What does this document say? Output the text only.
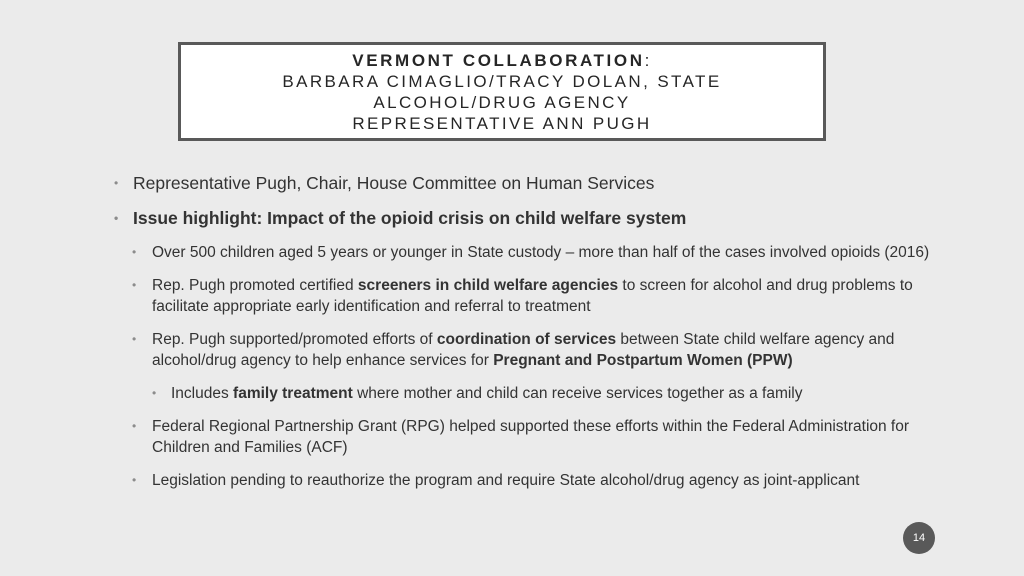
VERMONT COLLABORATION:
BARBARA CIMAGLIO/TRACY DOLAN, STATE
ALCOHOL/DRUG AGENCY
REPRESENTATIVE ANN PUGH
• Representative Pugh, Chair, House Committee on Human Services
• Issue highlight: Impact of the opioid crisis on child welfare system
• Over 500 children aged 5 years or younger in State custody – more than half of the cases involved opioids (2016)
• Rep. Pugh promoted certified screeners in child welfare agencies to screen for alcohol and drug problems to facilitate appropriate early identification and referral to treatment
• Rep. Pugh supported/promoted efforts of coordination of services between State child welfare agency and alcohol/drug agency to help enhance services for Pregnant and Postpartum Women (PPW)
• Includes family treatment where mother and child can receive services together as a family
• Federal Regional Partnership Grant (RPG) helped supported these efforts within the Federal Administration for Children and Families (ACF)
• Legislation pending to reauthorize the program and require State alcohol/drug agency as joint-applicant
14
